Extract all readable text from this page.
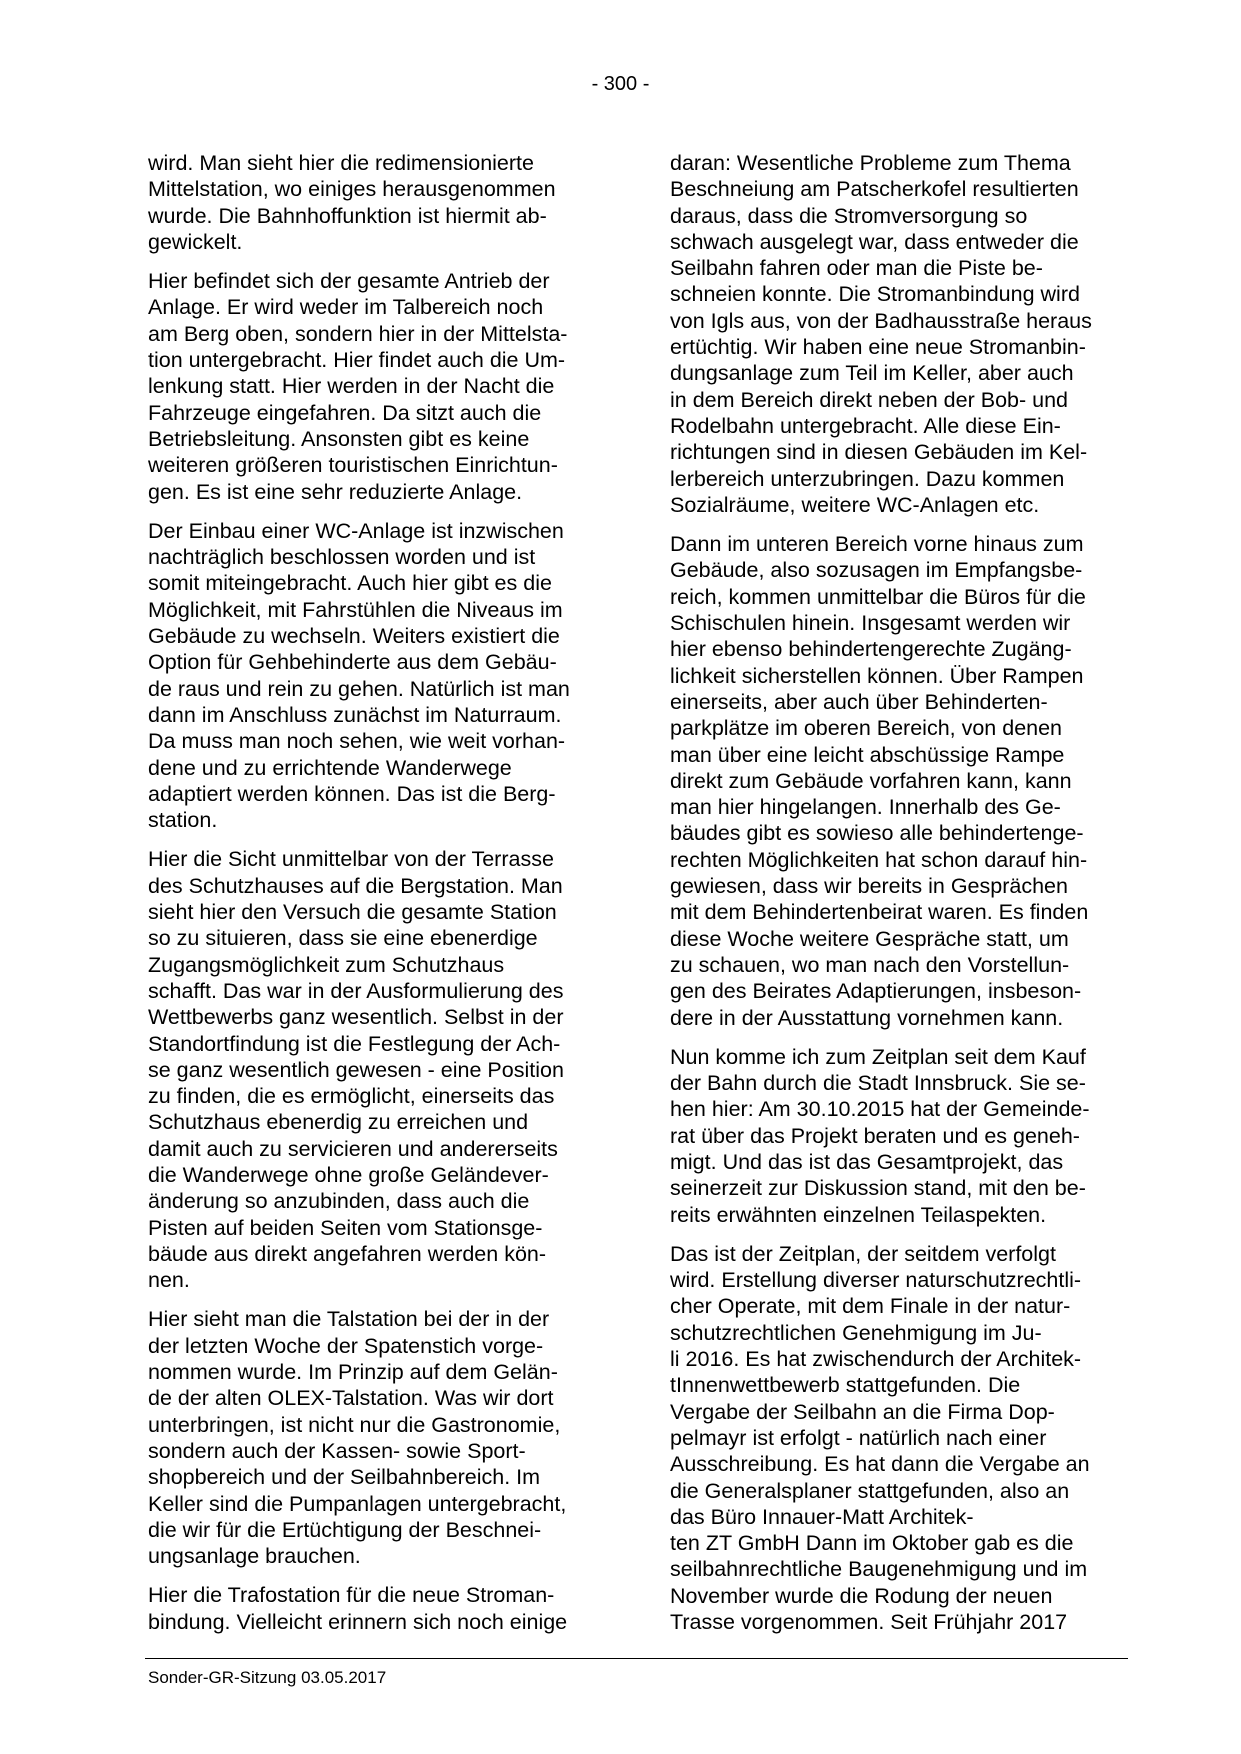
- 300 -
wird. Man sieht hier die redimensionierte
Mittelstation, wo einiges herausgenommen
wurde. Die Bahnhoffunktion ist hiermit ab-
gewickelt.
Hier befindet sich der gesamte Antrieb der
Anlage. Er wird weder im Talbereich noch
am Berg oben, sondern hier in der Mittelsta-
tion untergebracht. Hier findet auch die Um-
lenkung statt. Hier werden in der Nacht die
Fahrzeuge eingefahren. Da sitzt auch die
Betriebsleitung. Ansonsten gibt es keine
weiteren größeren touristischen Einrichtun-
gen. Es ist eine sehr reduzierte Anlage.
Der Einbau einer WC-Anlage ist inzwischen
nachträglich beschlossen worden und ist
somit miteingebracht. Auch hier gibt es die
Möglichkeit, mit Fahrstühlen die Niveaus im
Gebäude zu wechseln. Weiters existiert die
Option für Gehbehinderte aus dem Gebäu-
de raus und rein zu gehen. Natürlich ist man
dann im Anschluss zunächst im Naturraum.
Da muss man noch sehen, wie weit vorhan-
dene und zu errichtende Wanderwege
adaptiert werden können. Das ist die Berg-
station.
Hier die Sicht unmittelbar von der Terrasse
des Schutzhauses auf die Bergstation. Man
sieht hier den Versuch die gesamte Station
so zu situieren, dass sie eine ebenerdige
Zugangsmöglichkeit zum Schutzhaus
schafft. Das war in der Ausformulierung des
Wettbewerbs ganz wesentlich. Selbst in der
Standortfindung ist die Festlegung der Ach-
se ganz wesentlich gewesen - eine Position
zu finden, die es ermöglicht, einerseits das
Schutzhaus ebenerdig zu erreichen und
damit auch zu servicieren und andererseits
die Wanderwege ohne große Geländever-
änderung so anzubinden, dass auch die
Pisten auf beiden Seiten vom Stationsge-
bäude aus direkt angefahren werden kön-
nen.
Hier sieht man die Talstation bei der in der
der letzten Woche der Spatenstich vorge-
nommen wurde. Im Prinzip auf dem Gelän-
de der alten OLEX-Talstation. Was wir dort
unterbringen, ist nicht nur die Gastronomie,
sondern auch der Kassen- sowie Sport-
shopbereich und der Seilbahnbereich. Im
Keller sind die Pumpanlagen untergebracht,
die wir für die Ertüchtigung der Beschnei-
ungsanlage brauchen.
Hier die Trafostation für die neue Stroman-
bindung. Vielleicht erinnern sich noch einige
daran: Wesentliche Probleme zum Thema
Beschneiung am Patscherkofel resultierten
daraus, dass die Stromversorgung so
schwach ausgelegt war, dass entweder die
Seilbahn fahren oder man die Piste be-
schneien konnte. Die Stromanbindung wird
von Igls aus, von der Badhausstraße heraus
ertüchtig. Wir haben eine neue Stromanbin-
dungsanlage zum Teil im Keller, aber auch
in dem Bereich direkt neben der Bob- und
Rodelbahn untergebracht. Alle diese Ein-
richtungen sind in diesen Gebäuden im Kel-
lerbereich unterzubringen. Dazu kommen
Sozialräume, weitere WC-Anlagen etc.
Dann im unteren Bereich vorne hinaus zum
Gebäude, also sozusagen im Empfangsbe-
reich, kommen unmittelbar die Büros für die
Schischulen hinein. Insgesamt werden wir
hier ebenso behindertengerechte Zugäng-
lichkeit sicherstellen können. Über Rampen
einerseits, aber auch über Behinderten-
parkplätze im oberen Bereich, von denen
man über eine leicht abschüssige Rampe
direkt zum Gebäude vorfahren kann, kann
man hier hingelangen. Innerhalb des Ge-
bäudes gibt es sowieso alle behindertenge-
rechten Möglichkeiten hat schon darauf hin-
gewiesen, dass wir bereits in Gesprächen
mit dem Behindertenbeirat waren. Es finden
diese Woche weitere Gespräche statt, um
zu schauen, wo man nach den Vorstellun-
gen des Beirates Adaptierungen, insbeson-
dere in der Ausstattung vornehmen kann.
Nun komme ich zum Zeitplan seit dem Kauf
der Bahn durch die Stadt Innsbruck. Sie se-
hen hier: Am 30.10.2015 hat der Gemeinde-
rat über das Projekt beraten und es geneh-
migt. Und das ist das Gesamtprojekt, das
seinerzeit zur Diskussion stand, mit den be-
reits erwähnten einzelnen Teilaspekten.
Das ist der Zeitplan, der seitdem verfolgt
wird. Erstellung diverser naturschutzrechtli-
cher Operate, mit dem Finale in der natur-
schutzrechtlichen Genehmigung im Ju-
li 2016. Es hat zwischendurch der Architek-
tInnenwettbewerb stattgefunden. Die
Vergabe der Seilbahn an die Firma Dop-
pelmayr ist erfolgt - natürlich nach einer
Ausschreibung. Es hat dann die Vergabe an
die Generalsplaner stattgefunden, also an
das Büro Innauer-Matt Architek-
ten ZT GmbH Dann im Oktober gab es die
seilbahnrechtliche Baugenehmigung und im
November wurde die Rodung der neuen
Trasse vorgenommen. Seit Frühjahr 2017
Sonder-GR-Sitzung 03.05.2017
